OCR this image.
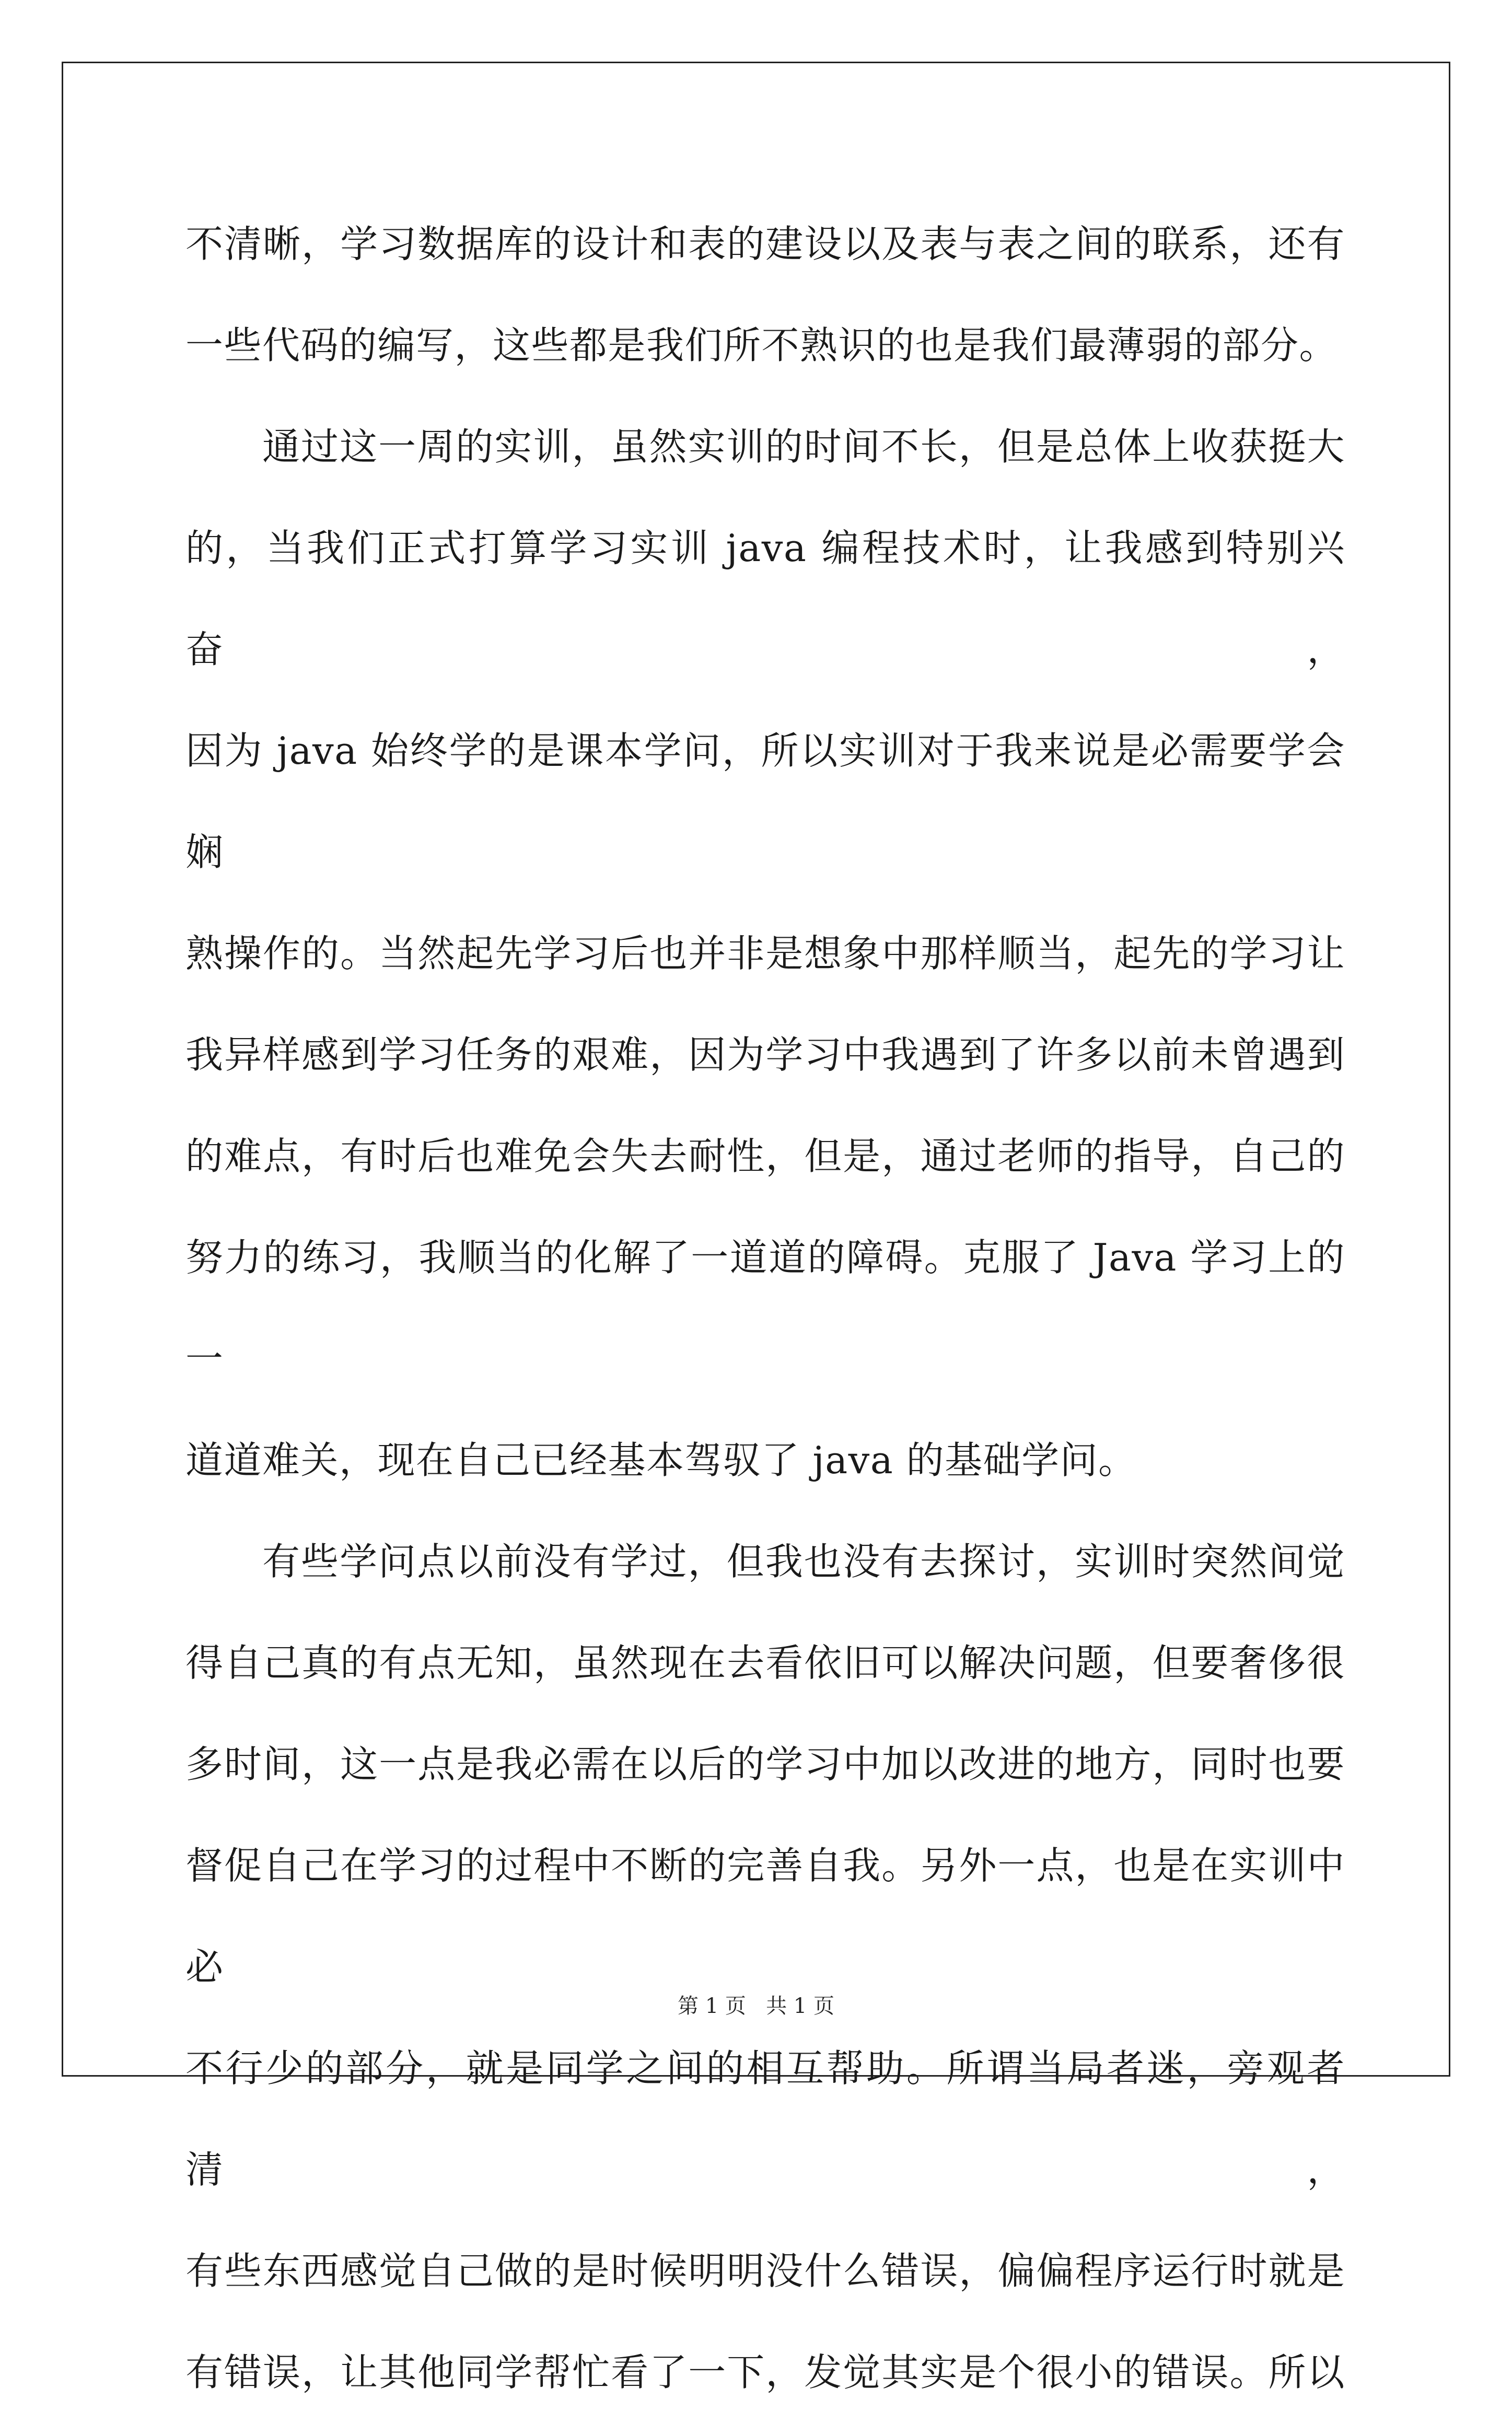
不清晰，学习数据库的设计和表的建设以及表与表之间的联系，还有

一些代码的编写，这些都是我们所不熟识的也是我们最薄弱的部分。

通过这一周的实训，虽然实训的时间不长，但是总体上收获挺大

的，当我们正式打算学习实训 java 编程技术时，让我感到特别兴奋，

因为 java 始终学的是课本学问，所以实训对于我来说是必需要学会娴

熟操作的。当然起先学习后也并非是想象中那样顺当，起先的学习让

我异样感到学习任务的艰难，因为学习中我遇到了许多以前未曾遇到

的难点，有时后也难免会失去耐性，但是，通过老师的指导，自己的

努力的练习，我顺当的化解了一道道的障碍。克服了 Java 学习上的一

道道难关，现在自己已经基本驾驭了 java 的基础学问。

有些学问点以前没有学过，但我也没有去探讨，实训时突然间觉

得自己真的有点无知，虽然现在去看依旧可以解决问题，但要奢侈很

多时间，这一点是我必需在以后的学习中加以改进的地方，同时也要

督促自己在学习的过程中不断的完善自我。另外一点，也是在实训中必

不行少的部分，就是同学之间的相互帮助。所谓当局者迷，旁观者清，

有些东西感觉自己做的是时候明明没什么错误，偏偏程序运行时就是

有错误，让其他同学帮忙看了一下，发觉其实是个很小的错误。所以

第 1 页 共 1 页
